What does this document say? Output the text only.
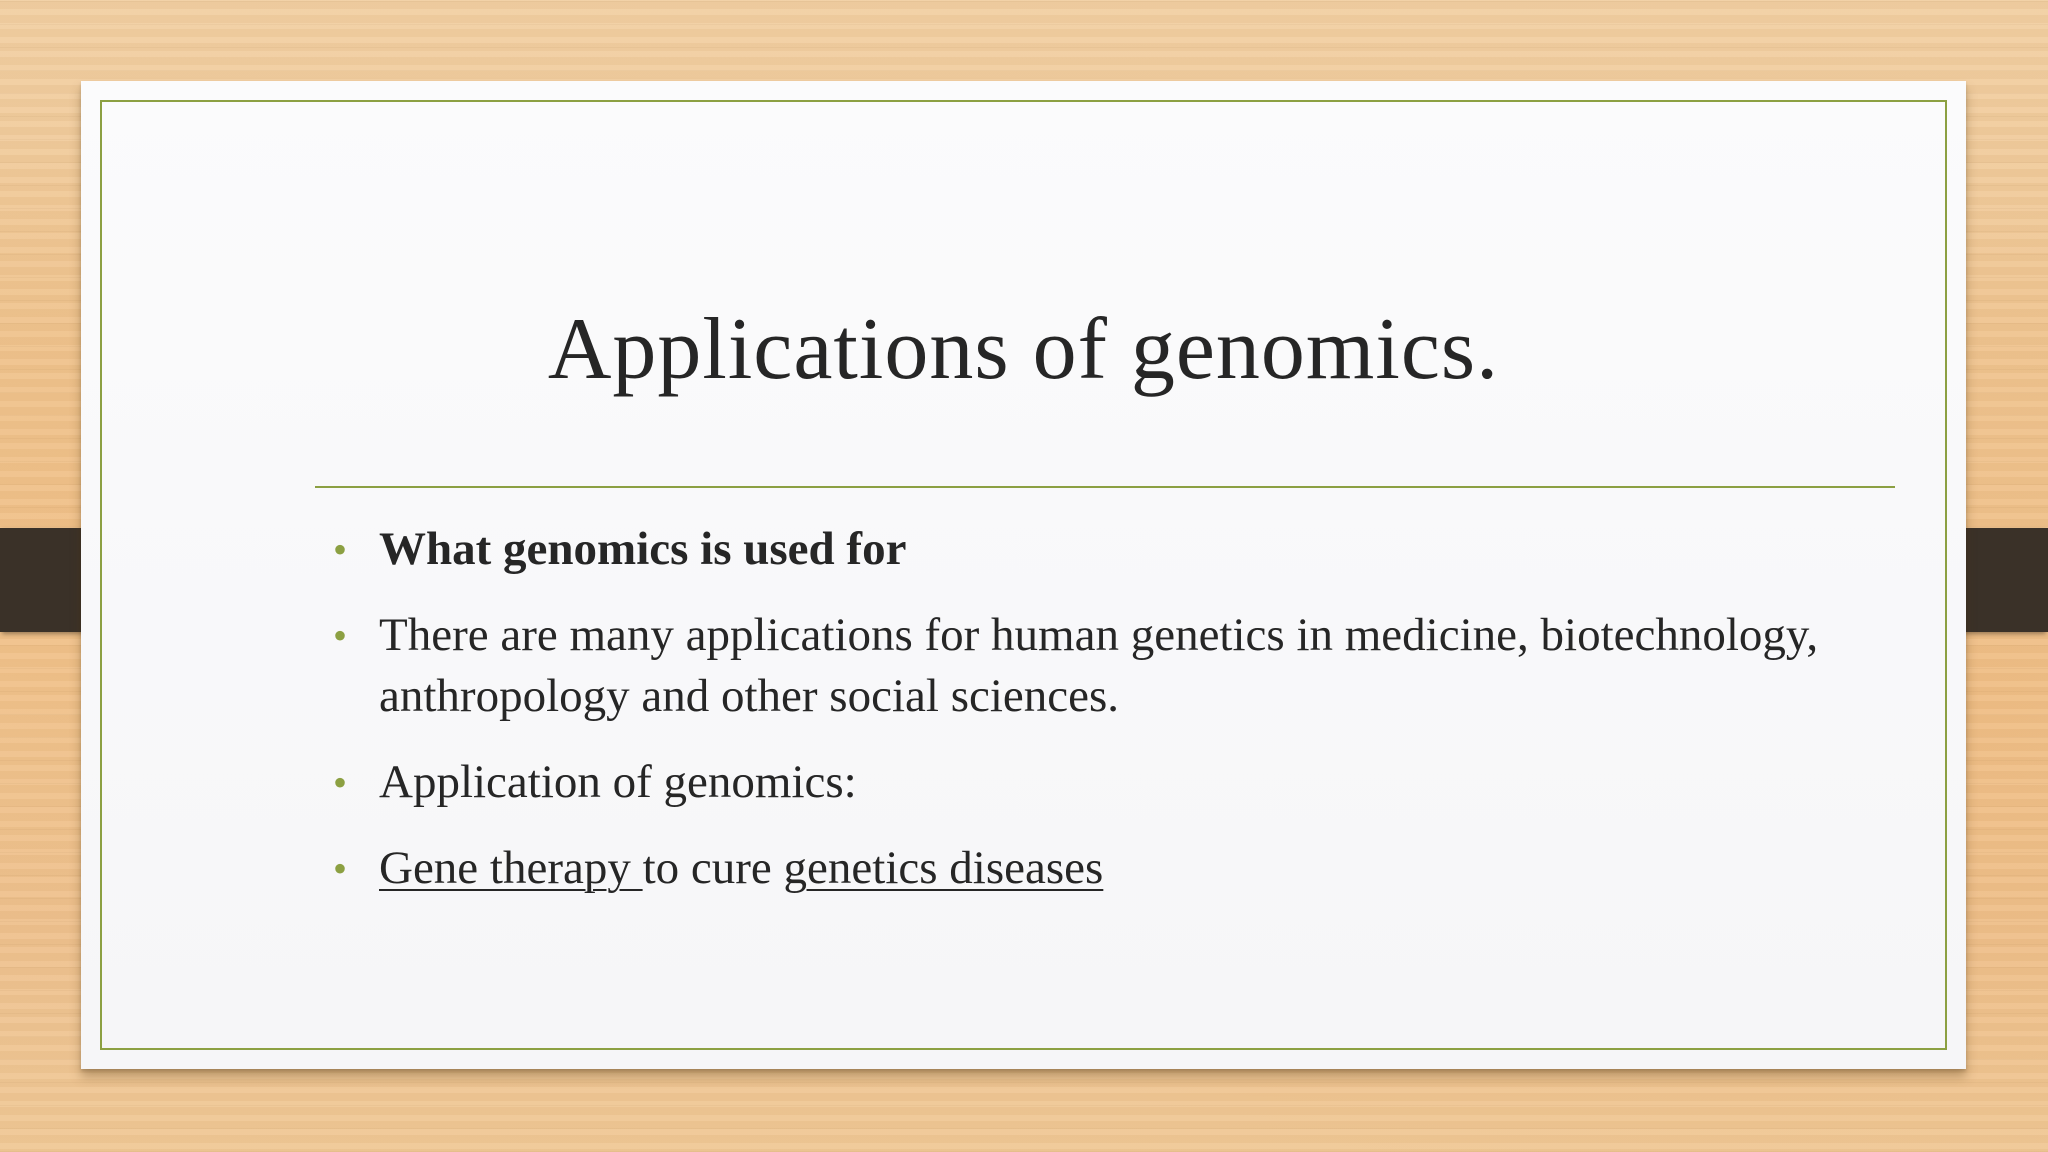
Applications of genomics.
• What genomics is used for
• There are many applications for human genetics in medicine, biotechnology, anthropology and other social sciences.
• Application of genomics:
• Gene therapy to cure genetics diseases
